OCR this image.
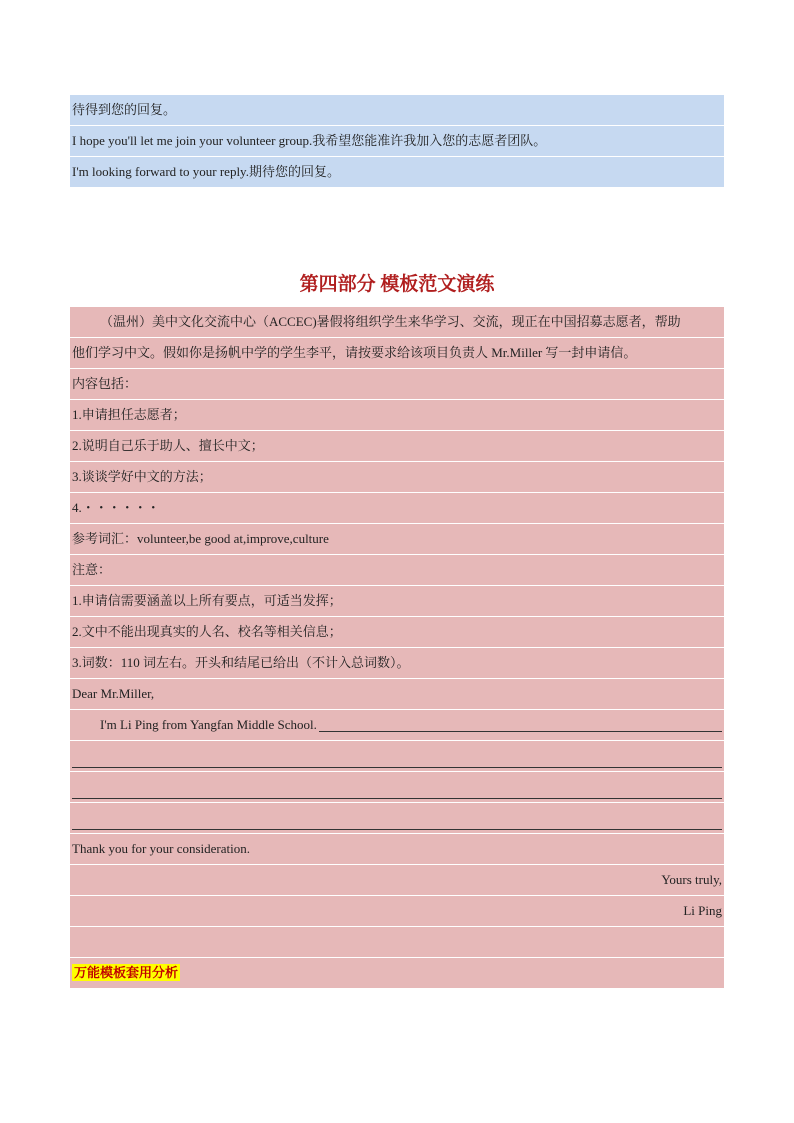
待得到您的回复。
I hope you'll let me join your volunteer group.我希望您能准许我加入您的志愿者团队。
I'm looking forward to your reply.期待您的回复。
第四部分 模板范文演练
（温州）美中文化交流中心（ACCEC)暑假将组织学生来华学习、交流，现正在中国招募志愿者，帮助
他们学习中文。假如你是扬帆中学的学生李平，请按要求给该项目负责人 Mr.Miller 写一封申请信。
内容包括：
1.申请担任志愿者；
2.说明自己乐于助人、擅长中文；
3.谈谈学好中文的方法；
4.・・・・・・
参考词汇：volunteer,be good at,improve,culture
注意：
1.申请信需要涵盖以上所有要点，可适当发挥；
2.文中不能出现真实的人名、校名等相关信息；
3.词数：110 词左右。开头和结尾已给出（不计入总词数）。
Dear Mr.Miller,
I'm Li Ping from Yangfan Middle School.
Thank you for your consideration.
Yours truly,
Li Ping
万能模板套用分析
